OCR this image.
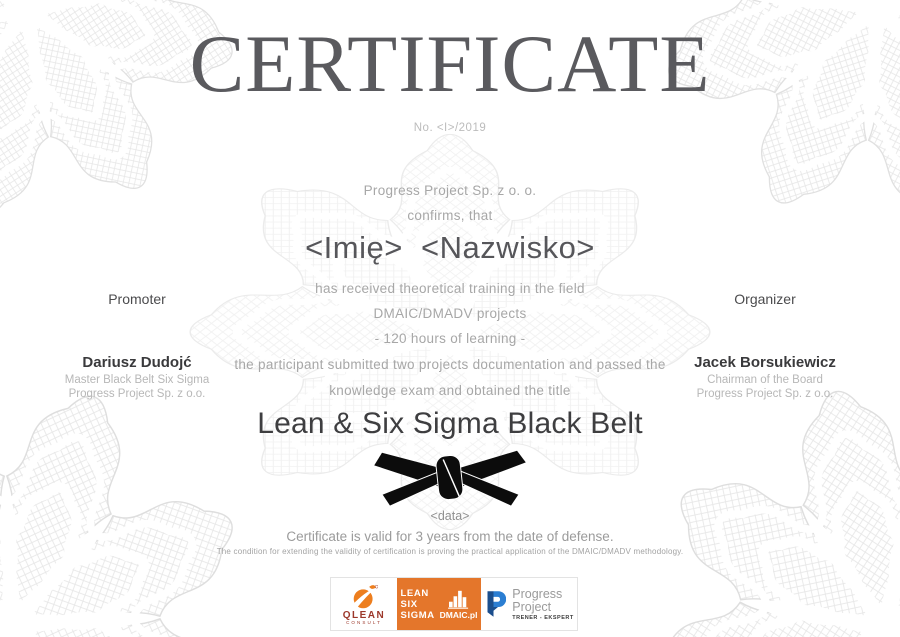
CERTIFICATE
No. <I>/2019
Progress Project Sp. z o. o.
confirms, that
<Imię>  <Nazwisko>
has received theoretical training in the field
DMAIC/DMADV projects
- 120 hours of learning -
the participant submitted two projects documentation and passed the
knowledge exam and obtained the title
Lean & Six Sigma Black Belt
<data>
Certificate is valid for 3 years from the date of defense.
The condition for extending the validity of certification is proving the practical application of the DMAIC/DMADV methodology.
Promoter
Dariusz Dudojć
Master Black Belt Six Sigma
Progress Project Sp. z o.o.
Organizer
Jacek Borsukiewicz
Chairman of the Board
Progress Project Sp. z o.o.
QLEAN
CONSULT
LEAN
SIX
SIGMA DMAIC.pl
Progress
Project
TRENER - EKSPERT
